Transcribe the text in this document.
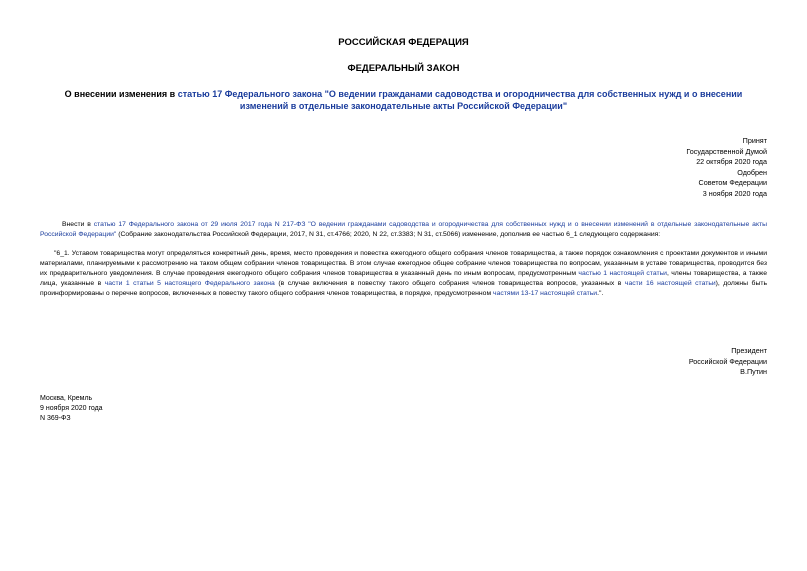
РОССИЙСКАЯ ФЕДЕРАЦИЯ
ФЕДЕРАЛЬНЫЙ ЗАКОН
О внесении изменения в статью 17 Федерального закона "О ведении гражданами садоводства и огородничества для собственных нужд и о внесении изменений в отдельные законодательные акты Российской Федерации"
Принят
Государственной Думой
22 октября 2020 года
Одобрен
Советом Федерации
3 ноября 2020 года
Внести в статью 17 Федерального закона от 29 июля 2017 года N 217-ФЗ "О ведении гражданами садоводства и огородничества для собственных нужд и о внесении изменений в отдельные законодательные акты Российской Федерации" (Собрание законодательства Российской Федерации, 2017, N 31, ст.4766; 2020, N 22, ст.3383; N 31, ст.5066) изменение, дополнив ее частью 6_1 следующего содержания:
"6_1. Уставом товарищества могут определяться конкретный день, время, место проведения и повестка ежегодного общего собрания членов товарищества, а также порядок ознакомления с проектами документов и иными материалами, планируемыми к рассмотрению на таком общем собрании членов товарищества. В этом случае ежегодное общее собрание членов товарищества по вопросам, указанным в уставе товарищества, проводится без их предварительного уведомления. В случае проведения ежегодного общего собрания членов товарищества в указанный день по иным вопросам, предусмотренным частью 1 настоящей статьи, члены товарищества, а также лица, указанные в части 1 статьи 5 настоящего Федерального закона (в случае включения в повестку такого общего собрания членов товарищества вопросов, указанных в части 16 настоящей статьи), должны быть проинформированы о перечне вопросов, включенных в повестку такого общего собрания членов товарищества, в порядке, предусмотренном частями 13-17 настоящей статьи.".
Президент
Российской Федерации
В.Путин
Москва, Кремль
9 ноября 2020 года
N 369-ФЗ
